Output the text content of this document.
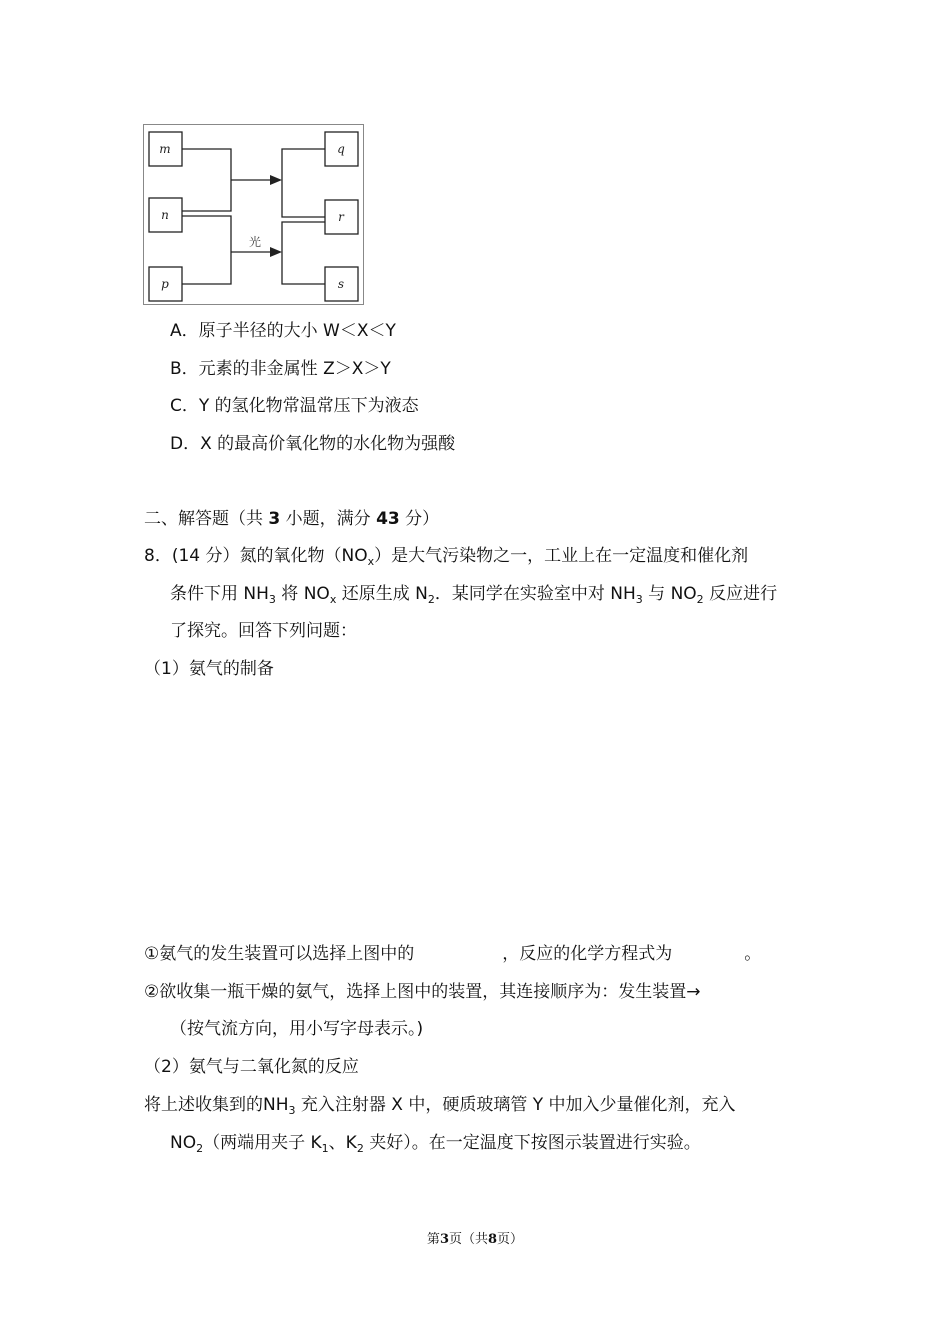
m
n
p
q
r
s
光
A．原子半径的大小 W＜X＜Y
B．元素的非金属性 Z＞X＞Y
C．Y 的氢化物常温常压下为液态
D．X 的最高价氧化物的水化物为强酸
二、解答题（共 3 小题，满分 43 分）
8．(14 分）氮的氧化物$(NO_x)$是大气污染物之一，工业上在一定温度和催化剂
条件下用 $NH_3$ 将 $NO_x$ 还原生成 $N_2$．某同学在实验室中对 $NH_3$ 与 $NO_2$ 反应进行
了探究。回答下列问题：
（1）氨气的制备
①氨气的发生装置可以选择上图中的	，反应的化学方程式为	。
②欲收集一瓶干燥的氨气，选择上图中的装置，其连接顺序为：发生装置→
（按气流方向，用小写字母表示。)
（2）氨气与二氧化氮的反应
将上述收集到的$NH_3$ 充入注射器 X 中，硬质玻璃管 Y 中加入少量催化剂，充入
$NO_2$（两端用夹子 $K_1$、$K_2$ 夹好）。在一定温度下按图示装置进行实验。
第3页（共8页）
